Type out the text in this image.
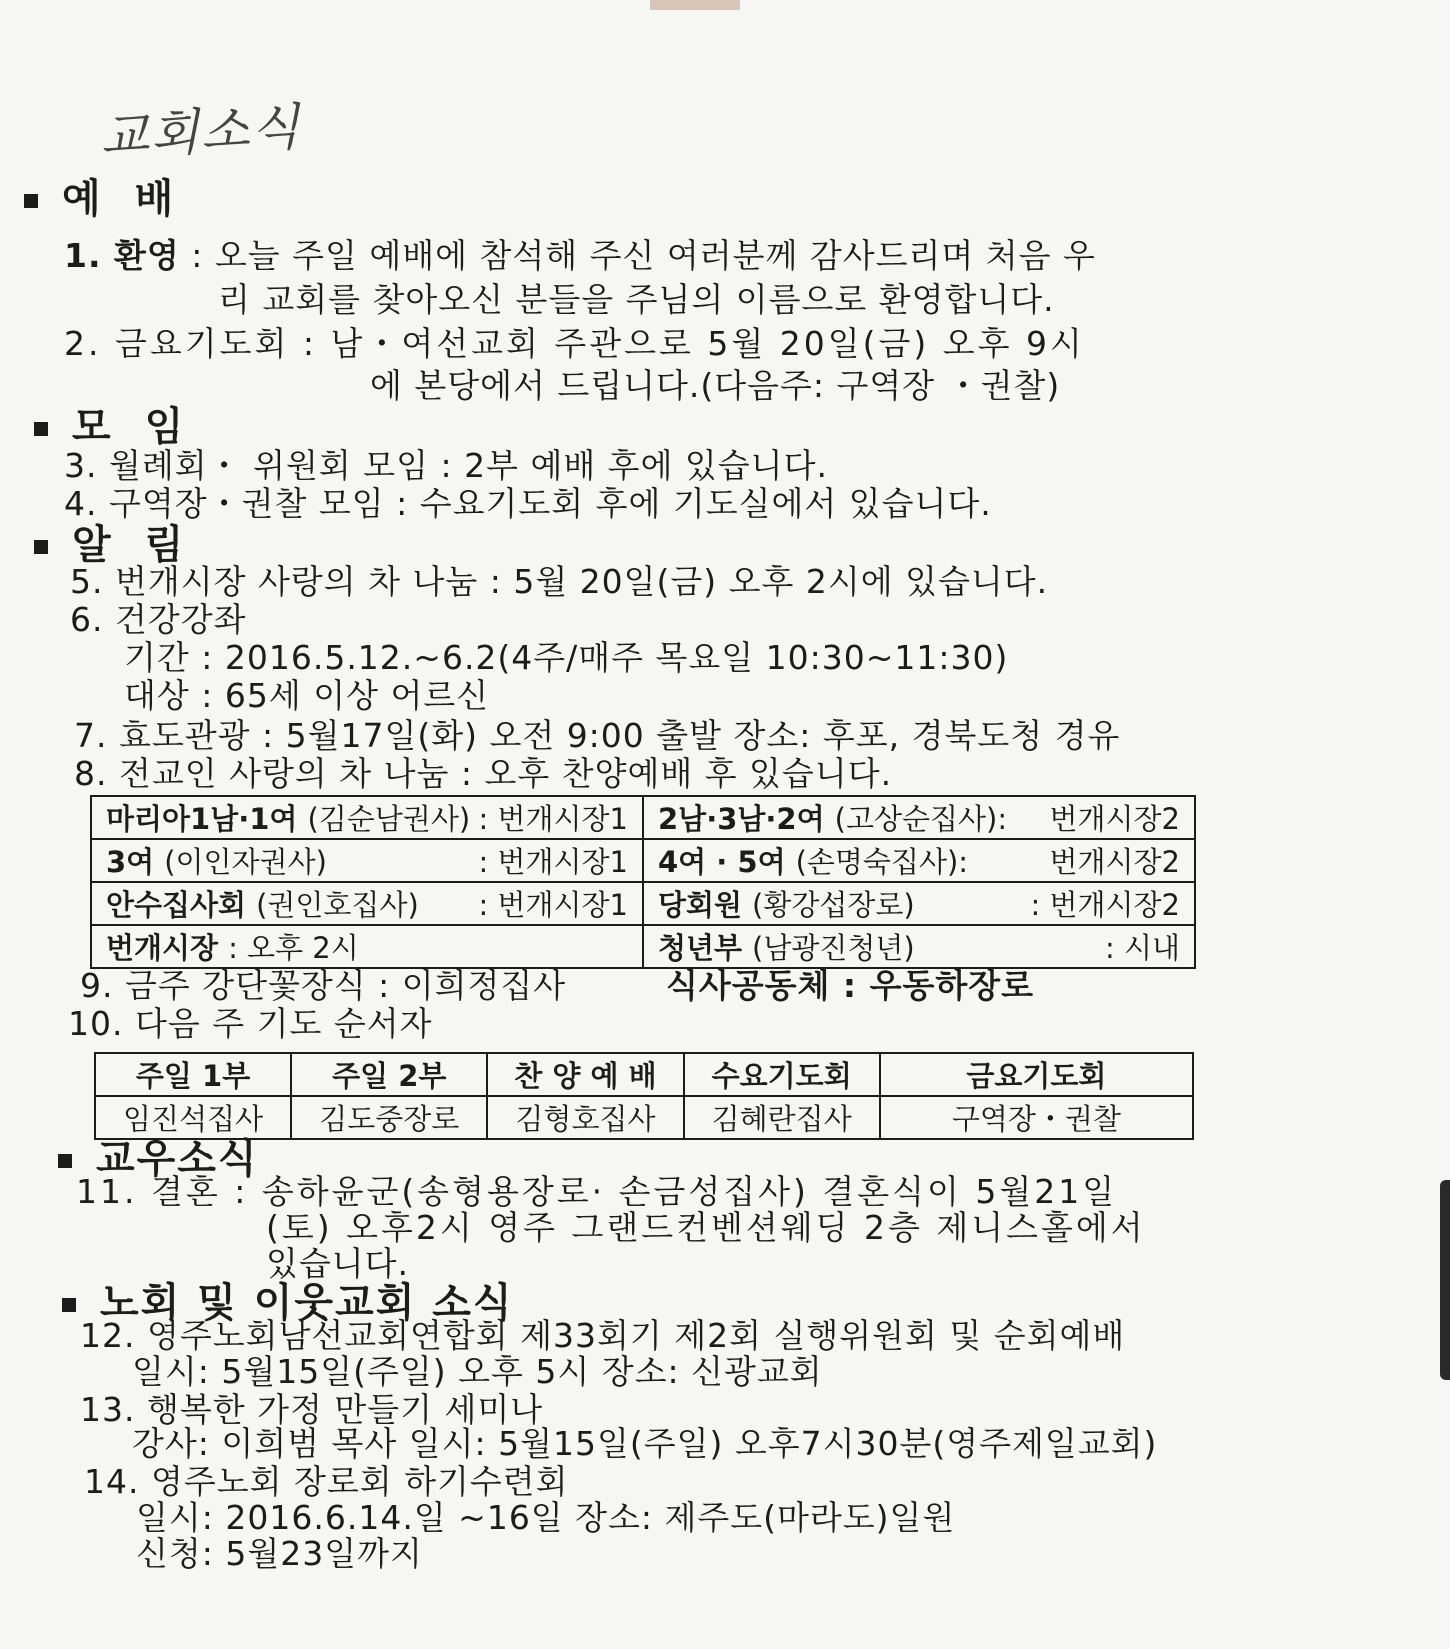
교회소식
예 배
1. 환영 : 오늘 주일 예배에 참석해 주신 여러분께 감사드리며 처음 우
리 교회를 찾아오신 분들을 주님의 이름으로 환영합니다.
2. 금요기도회 : 남・여선교회 주관으로 5월 20일(금) 오후 9시
에 본당에서 드립니다.(다음주: 구역장 ・권찰)
모 임
3. 월례회・ 위원회 모임 : 2부 예배 후에 있습니다.
4. 구역장・권찰 모임 : 수요기도회 후에 기도실에서 있습니다.
알 림
5. 번개시장 사랑의 차 나눔 : 5월 20일(금) 오후 2시에 있습니다.
6. 건강강좌
기간 : 2016.5.12.~6.2(4주/매주 목요일 10:30~11:30)
대상 : 65세 이상 어르신
7. 효도관광 : 5월17일(화) 오전 9:00 출발 장소: 후포, 경북도청 경유
8. 전교인 사랑의 차 나눔 : 오후 찬양예배 후 있습니다.
마리아1남·1여 (김순남권사) : 번개시장1	2남·3남·2여 (고상순집사): 번개시장2

3여 (이인자권사) : 번개시장1	4여 · 5여 (손명숙집사): 번개시장2

안수집사회 (권인호집사) : 번개시장1	당회원 (황강섭장로) : 번개시장2

번개시장 : 오후 2시	청년부 (남광진청년) : 시내
9. 금주 강단꽃장식 : 이희정집사	식사공동체 : 우동하장로
10. 다음 주 기도 순서자
주일 1부	주일 2부	찬 양 예 배	수요기도회	금요기도회
임진석집사	김도중장로	김형호집사	김혜란집사	구역장・권찰
교우소식
11. 결혼 : 송하윤군(송형용장로· 손금성집사) 결혼식이 5월21일
(토) 오후2시 영주 그랜드컨벤션웨딩 2층 제니스홀에서
있습니다.
노회 및 이웃교회 소식
12. 영주노회남선교회연합회 제33회기 제2회 실행위원회 및 순회예배
일시: 5월15일(주일) 오후 5시 장소: 신광교회
13. 행복한 가정 만들기 세미나
강사: 이희범 목사 일시: 5월15일(주일) 오후7시30분(영주제일교회)
14. 영주노회 장로회 하기수련회
일시: 2016.6.14.일 ~16일 장소: 제주도(마라도)일원
신청: 5월23일까지
